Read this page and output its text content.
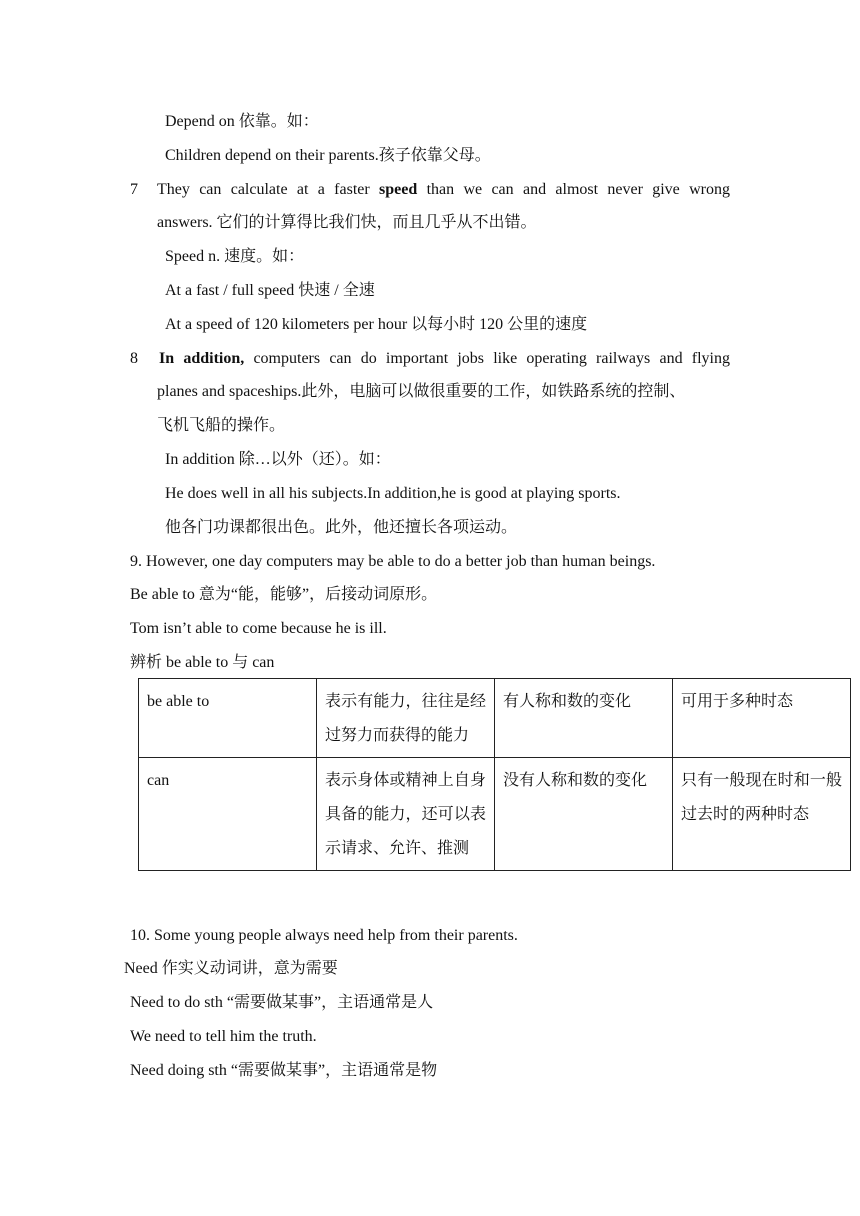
Depend on 依靠。如：
Children depend on their parents.孩子依靠父母。
7 They can calculate at a faster speed than we can and almost never give wrong
answers. 它们的计算得比我们快，而且几乎从不出错。
Speed n. 速度。如：
At a fast / full speed 快速 / 全速
At a speed of 120 kilometers per hour 以每小时 120 公里的速度
8 In addition, computers can do important jobs like operating railways and flying
planes and spaceships.此外，电脑可以做很重要的工作，如铁路系统的控制、
飞机飞船的操作。
In addition 除…以外（还）。如：
He does well in all his subjects.In addition,he is good at playing sports.
他各门功课都很出色。此外，他还擅长各项运动。
9. However, one day computers may be able to do a better job than human beings.
Be able to 意为“能，能够”，后接动词原形。
Tom isn’t able to come because he is ill.
辨析 be able to 与 can
be able to	表示有能力，往往是经过努力而获得的能力	有人称和数的变化	可用于多种时态
can	表示身体或精神上自身具备的能力，还可以表示请求、允许、推测	没有人称和数的变化	只有一般现在时和一般过去时的两种时态
10. Some young people always need help from their parents.
Need 作实义动词讲，意为需要
Need to do sth “需要做某事”，主语通常是人
We need to tell him the truth.
Need doing sth “需要做某事”，主语通常是物
